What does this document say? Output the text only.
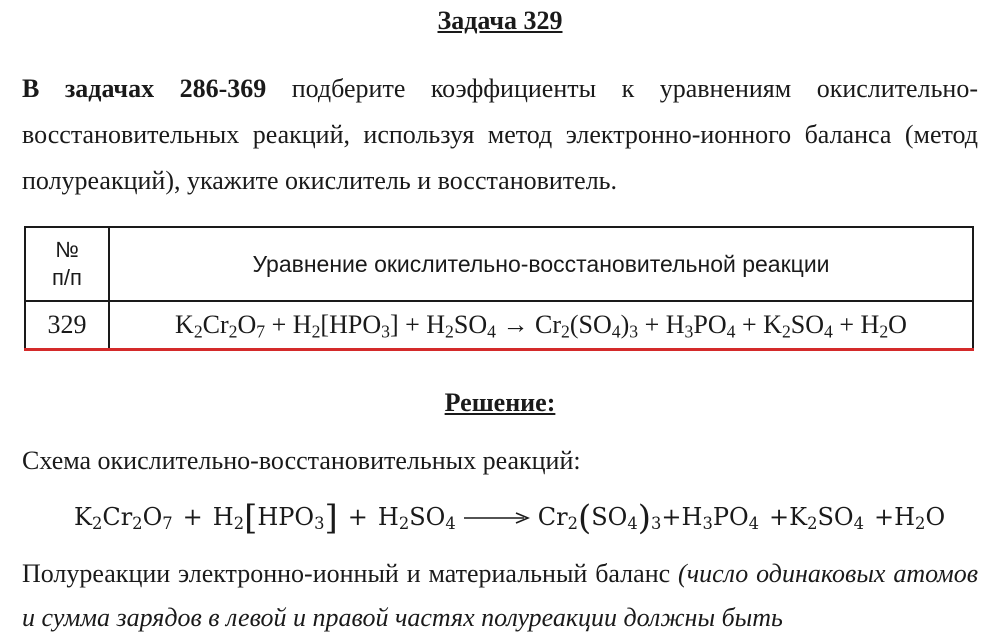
Задача 329
В задачах 286-369 подберите коэффициенты к уравнениям окислительно-восстановительных реакций, используя метод электронно-ионного баланса (метод полуреакций), укажите окислитель и восстановитель.
№
п/п	Уравнение окислительно-восстановительной реакции
329	$K_2Cr_2O_7 + H_2[HPO_3] + H_2SO_4 \to Cr_2(SO_4)_3 + H_3PO_4 + K_2SO_4 + H_2O$
Решение:
Схема окислительно-восстановительных реакций:
$K_2Cr_2O_7 + H_2[HPO_3] + H_2SO_4 \to Cr_2(SO_4)_3+H_3PO_4 +K_2SO_4 +H_2O$
Полуреакции электронно-ионный и материальный баланс (число одинаковых атомов и сумма зарядов в левой и правой частях полуреакции должны быть
